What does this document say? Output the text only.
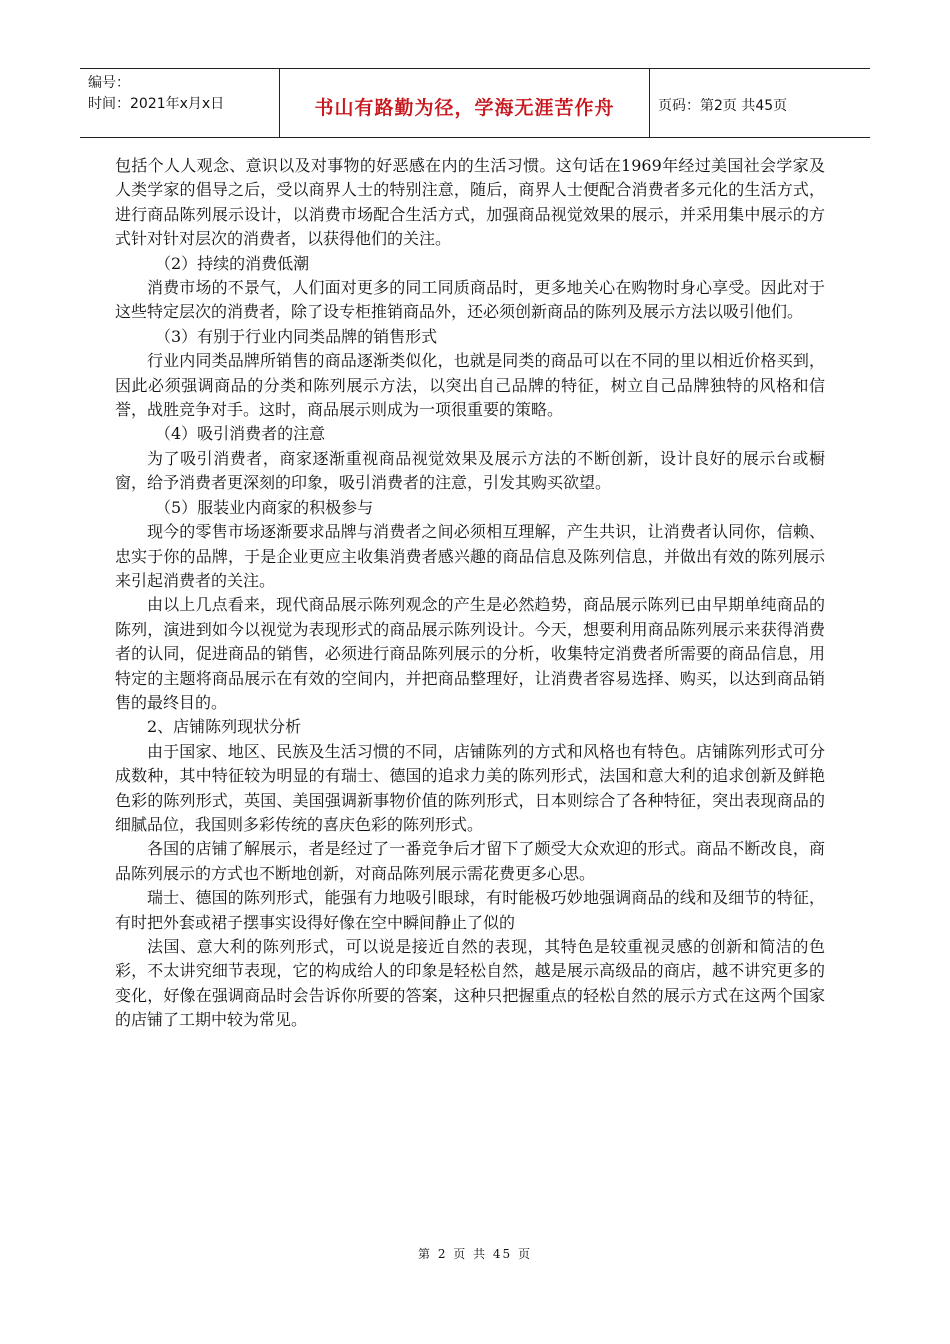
编号：
时间：2021年x月x日	书山有路勤为径，学海无涯苦作舟	页码：第2页 共45页

包括个人人观念、意识以及对事物的好恶感在内的生活习惯。这句话在1969年经过美国社会学家及人类学家的倡导之后，受以商界人士的特别注意，随后，商界人士便配合消费者多元化的生活方式，进行商品陈列展示设计，以消费市场配合生活方式，加强商品视觉效果的展示，并采用集中展示的方式针对针对层次的消费者，以获得他们的关注。

（2）持续的消费低潮

消费市场的不景气，人们面对更多的同工同质商品时，更多地关心在购物时身心享受。因此对于这些特定层次的消费者，除了设专柜推销商品外，还必须创新商品的陈列及展示方法以吸引他们。

（3）有别于行业内同类品牌的销售形式

行业内同类品牌所销售的商品逐渐类似化，也就是同类的商品可以在不同的里以相近价格买到，因此必须强调商品的分类和陈列展示方法，以突出自己品牌的特征，树立自己品牌独特的风格和信誉，战胜竞争对手。这时，商品展示则成为一项很重要的策略。

（4）吸引消费者的注意

为了吸引消费者，商家逐渐重视商品视觉效果及展示方法的不断创新，设计良好的展示台或橱窗，给予消费者更深刻的印象，吸引消费者的注意，引发其购买欲望。

（5）服装业内商家的积极参与

现今的零售市场逐渐要求品牌与消费者之间必须相互理解，产生共识，让消费者认同你，信赖、忠实于你的品牌，于是企业更应主收集消费者感兴趣的商品信息及陈列信息，并做出有效的陈列展示来引起消费者的关注。

由以上几点看来，现代商品展示陈列观念的产生是必然趋势，商品展示陈列已由早期单纯商品的陈列，演进到如今以视觉为表现形式的商品展示陈列设计。今天，想要利用商品陈列展示来获得消费者的认同，促进商品的销售，必须进行商品陈列展示的分析，收集特定消费者所需要的商品信息，用特定的主题将商品展示在有效的空间内，并把商品整理好，让消费者容易选择、购买，以达到商品销售的最终目的。

2、店铺陈列现状分析

由于国家、地区、民族及生活习惯的不同，店铺陈列的方式和风格也有特色。店铺陈列形式可分成数种，其中特征较为明显的有瑞士、德国的追求力美的陈列形式，法国和意大利的追求创新及鲜艳色彩的陈列形式，英国、美国强调新事物价值的陈列形式，日本则综合了各种特征，突出表现商品的细腻品位，我国则多彩传统的喜庆色彩的陈列形式。

各国的店铺了解展示，者是经过了一番竞争后才留下了颇受大众欢迎的形式。商品不断改良，商品陈列展示的方式也不断地创新，对商品陈列展示需花费更多心思。

瑞士、德国的陈列形式，能强有力地吸引眼球，有时能极巧妙地强调商品的线和及细节的特征，有时把外套或裙子摆事实设得好像在空中瞬间静止了似的

法国、意大利的陈列形式，可以说是接近自然的表现，其特色是较重视灵感的创新和简洁的色彩，不太讲究细节表现，它的构成给人的印象是轻松自然，越是展示高级品的商店，越不讲究更多的变化，好像在强调商品时会告诉你所要的答案，这种只把握重点的轻松自然的展示方式在这两个国家的店铺了工期中较为常见。

第 2 页 共 45 页
